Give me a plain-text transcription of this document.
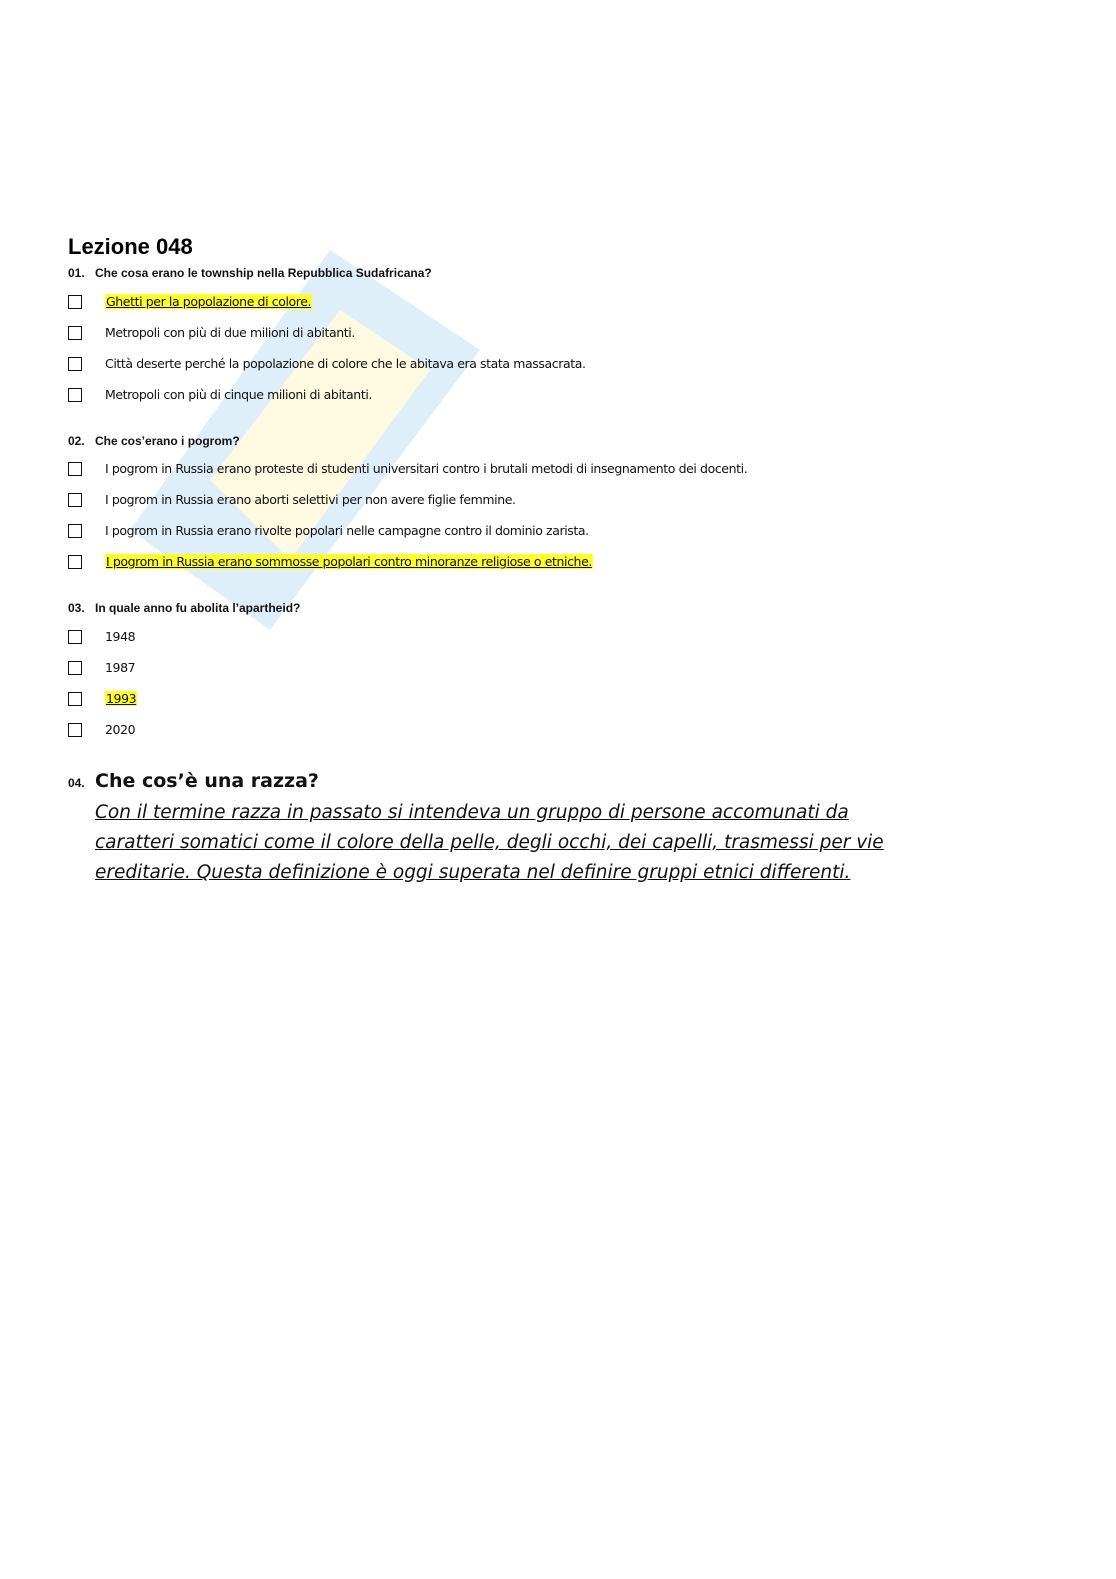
Lezione 048
01. Che cosa erano le township nella Repubblica Sudafricana?
Ghetti per la popolazione di colore.
Metropoli con più di due milioni di abitanti.
Città deserte perché la popolazione di colore che le abitava era stata massacrata.
Metropoli con più di cinque milioni di abitanti.
02. Che cos’erano i pogrom?
I pogrom in Russia erano proteste di studenti universitari contro i brutali metodi di insegnamento dei docenti.
I pogrom in Russia erano aborti selettivi per non avere figlie femmine.
I pogrom in Russia erano rivolte popolari nelle campagne contro il dominio zarista.
I pogrom in Russia erano sommosse popolari contro minoranze religiose o etniche.
03. In quale anno fu abolita l’apartheid?
1948
1987
1993
2020
04. Che cos’è una razza?
Con il termine razza in passato si intendeva un gruppo di persone accomunati da
caratteri somatici come il colore della pelle, degli occhi, dei capelli, trasmessi per vie
ereditarie. Questa definizione è oggi superata nel definire gruppi etnici differenti.
